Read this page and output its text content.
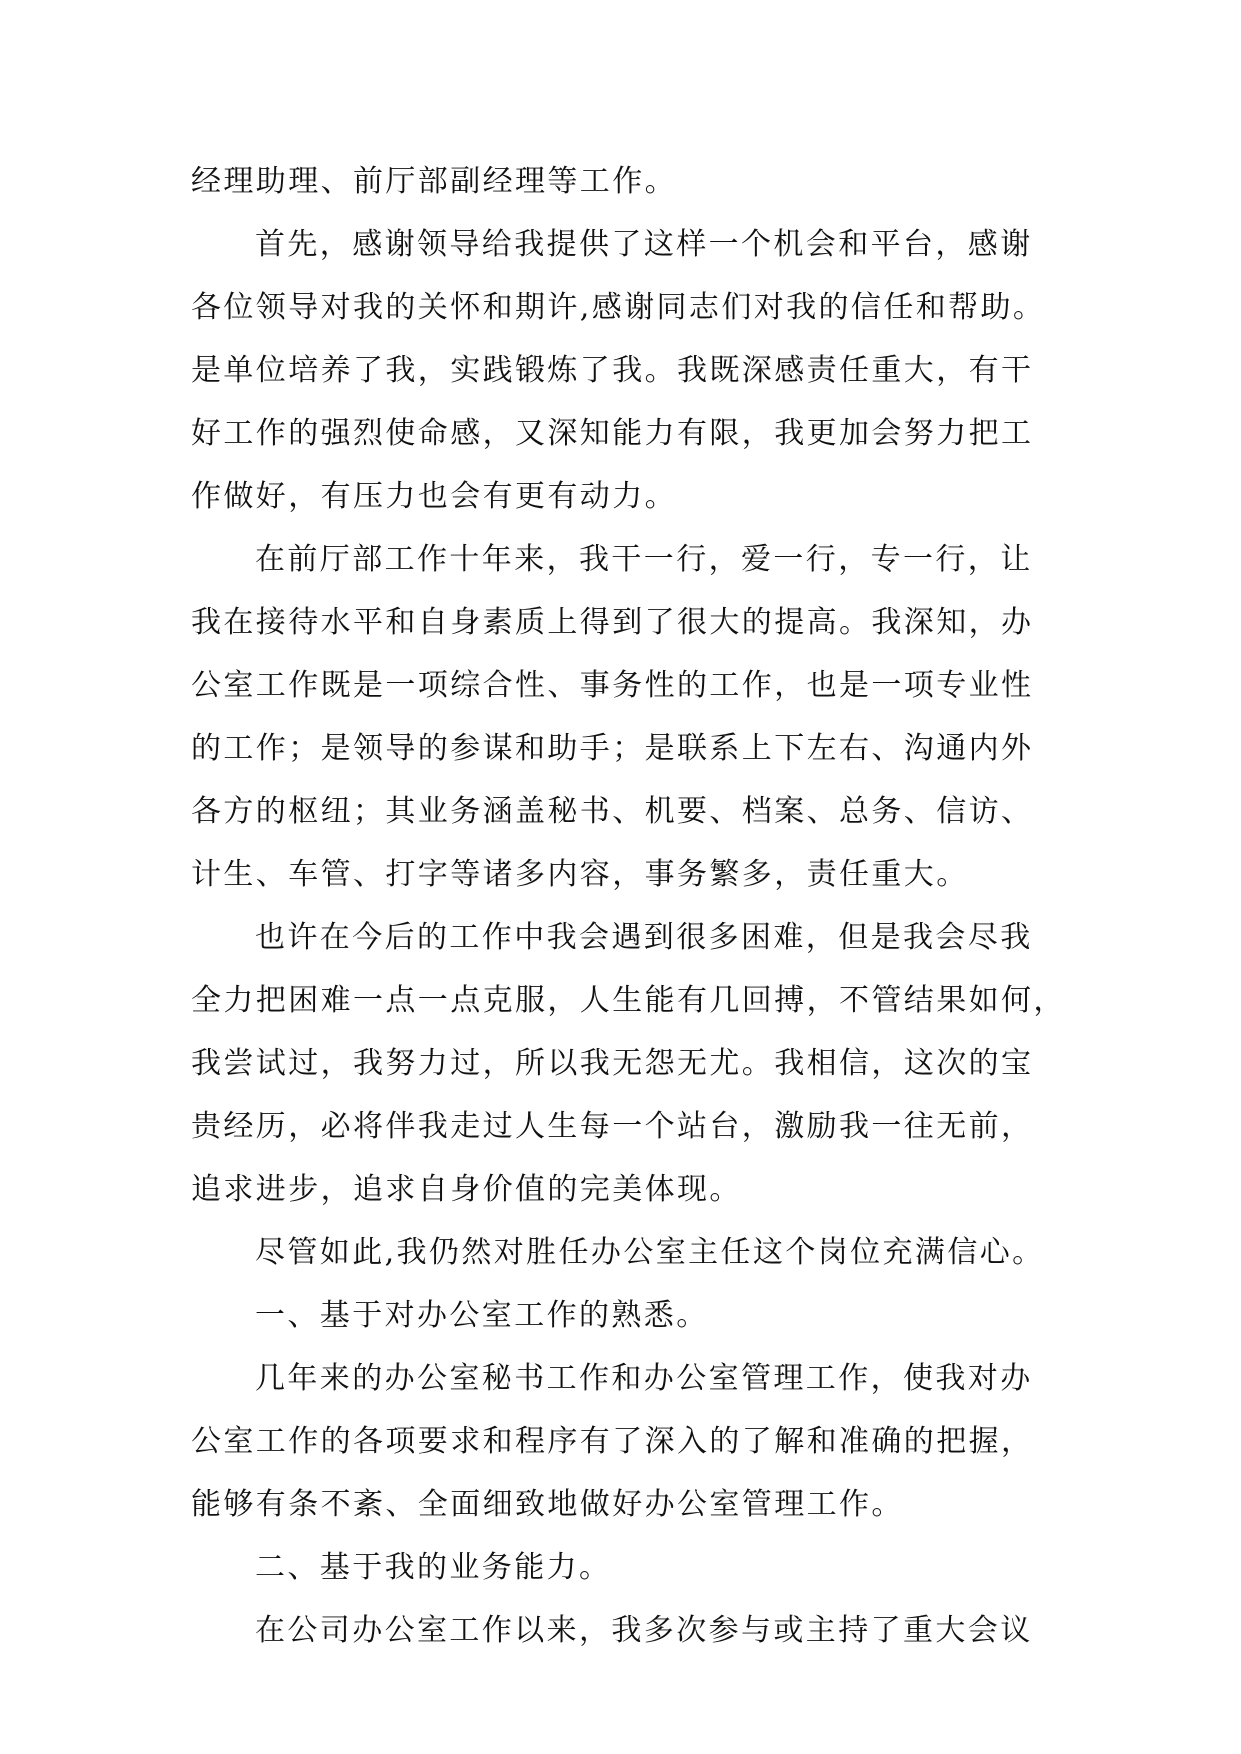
经理助理、前厅部副经理等工作。
首先，感谢领导给我提供了这样一个机会和平台，感谢
各位领导对我的关怀和期许,感谢同志们对我的信任和帮助。
是单位培养了我，实践锻炼了我。我既深感责任重大，有干
好工作的强烈使命感，又深知能力有限，我更加会努力把工
作做好，有压力也会有更有动力。
在前厅部工作十年来，我干一行，爱一行，专一行，让
我在接待水平和自身素质上得到了很大的提高。我深知，办
公室工作既是一项综合性、事务性的工作，也是一项专业性
的工作；是领导的参谋和助手；是联系上下左右、沟通内外
各方的枢纽；其业务涵盖秘书、机要、档案、总务、信访、
计生、车管、打字等诸多内容，事务繁多，责任重大。
也许在今后的工作中我会遇到很多困难，但是我会尽我
全力把困难一点一点克服，人生能有几回搏，不管结果如何，
我尝试过，我努力过，所以我无怨无尤。我相信，这次的宝
贵经历，必将伴我走过人生每一个站台，激励我一往无前，
追求进步，追求自身价值的完美体现。
尽管如此,我仍然对胜任办公室主任这个岗位充满信心。
一、基于对办公室工作的熟悉。
几年来的办公室秘书工作和办公室管理工作，使我对办
公室工作的各项要求和程序有了深入的了解和准确的把握，
能够有条不紊、全面细致地做好办公室管理工作。
二、基于我的业务能力。
在公司办公室工作以来，我多次参与或主持了重大会议
